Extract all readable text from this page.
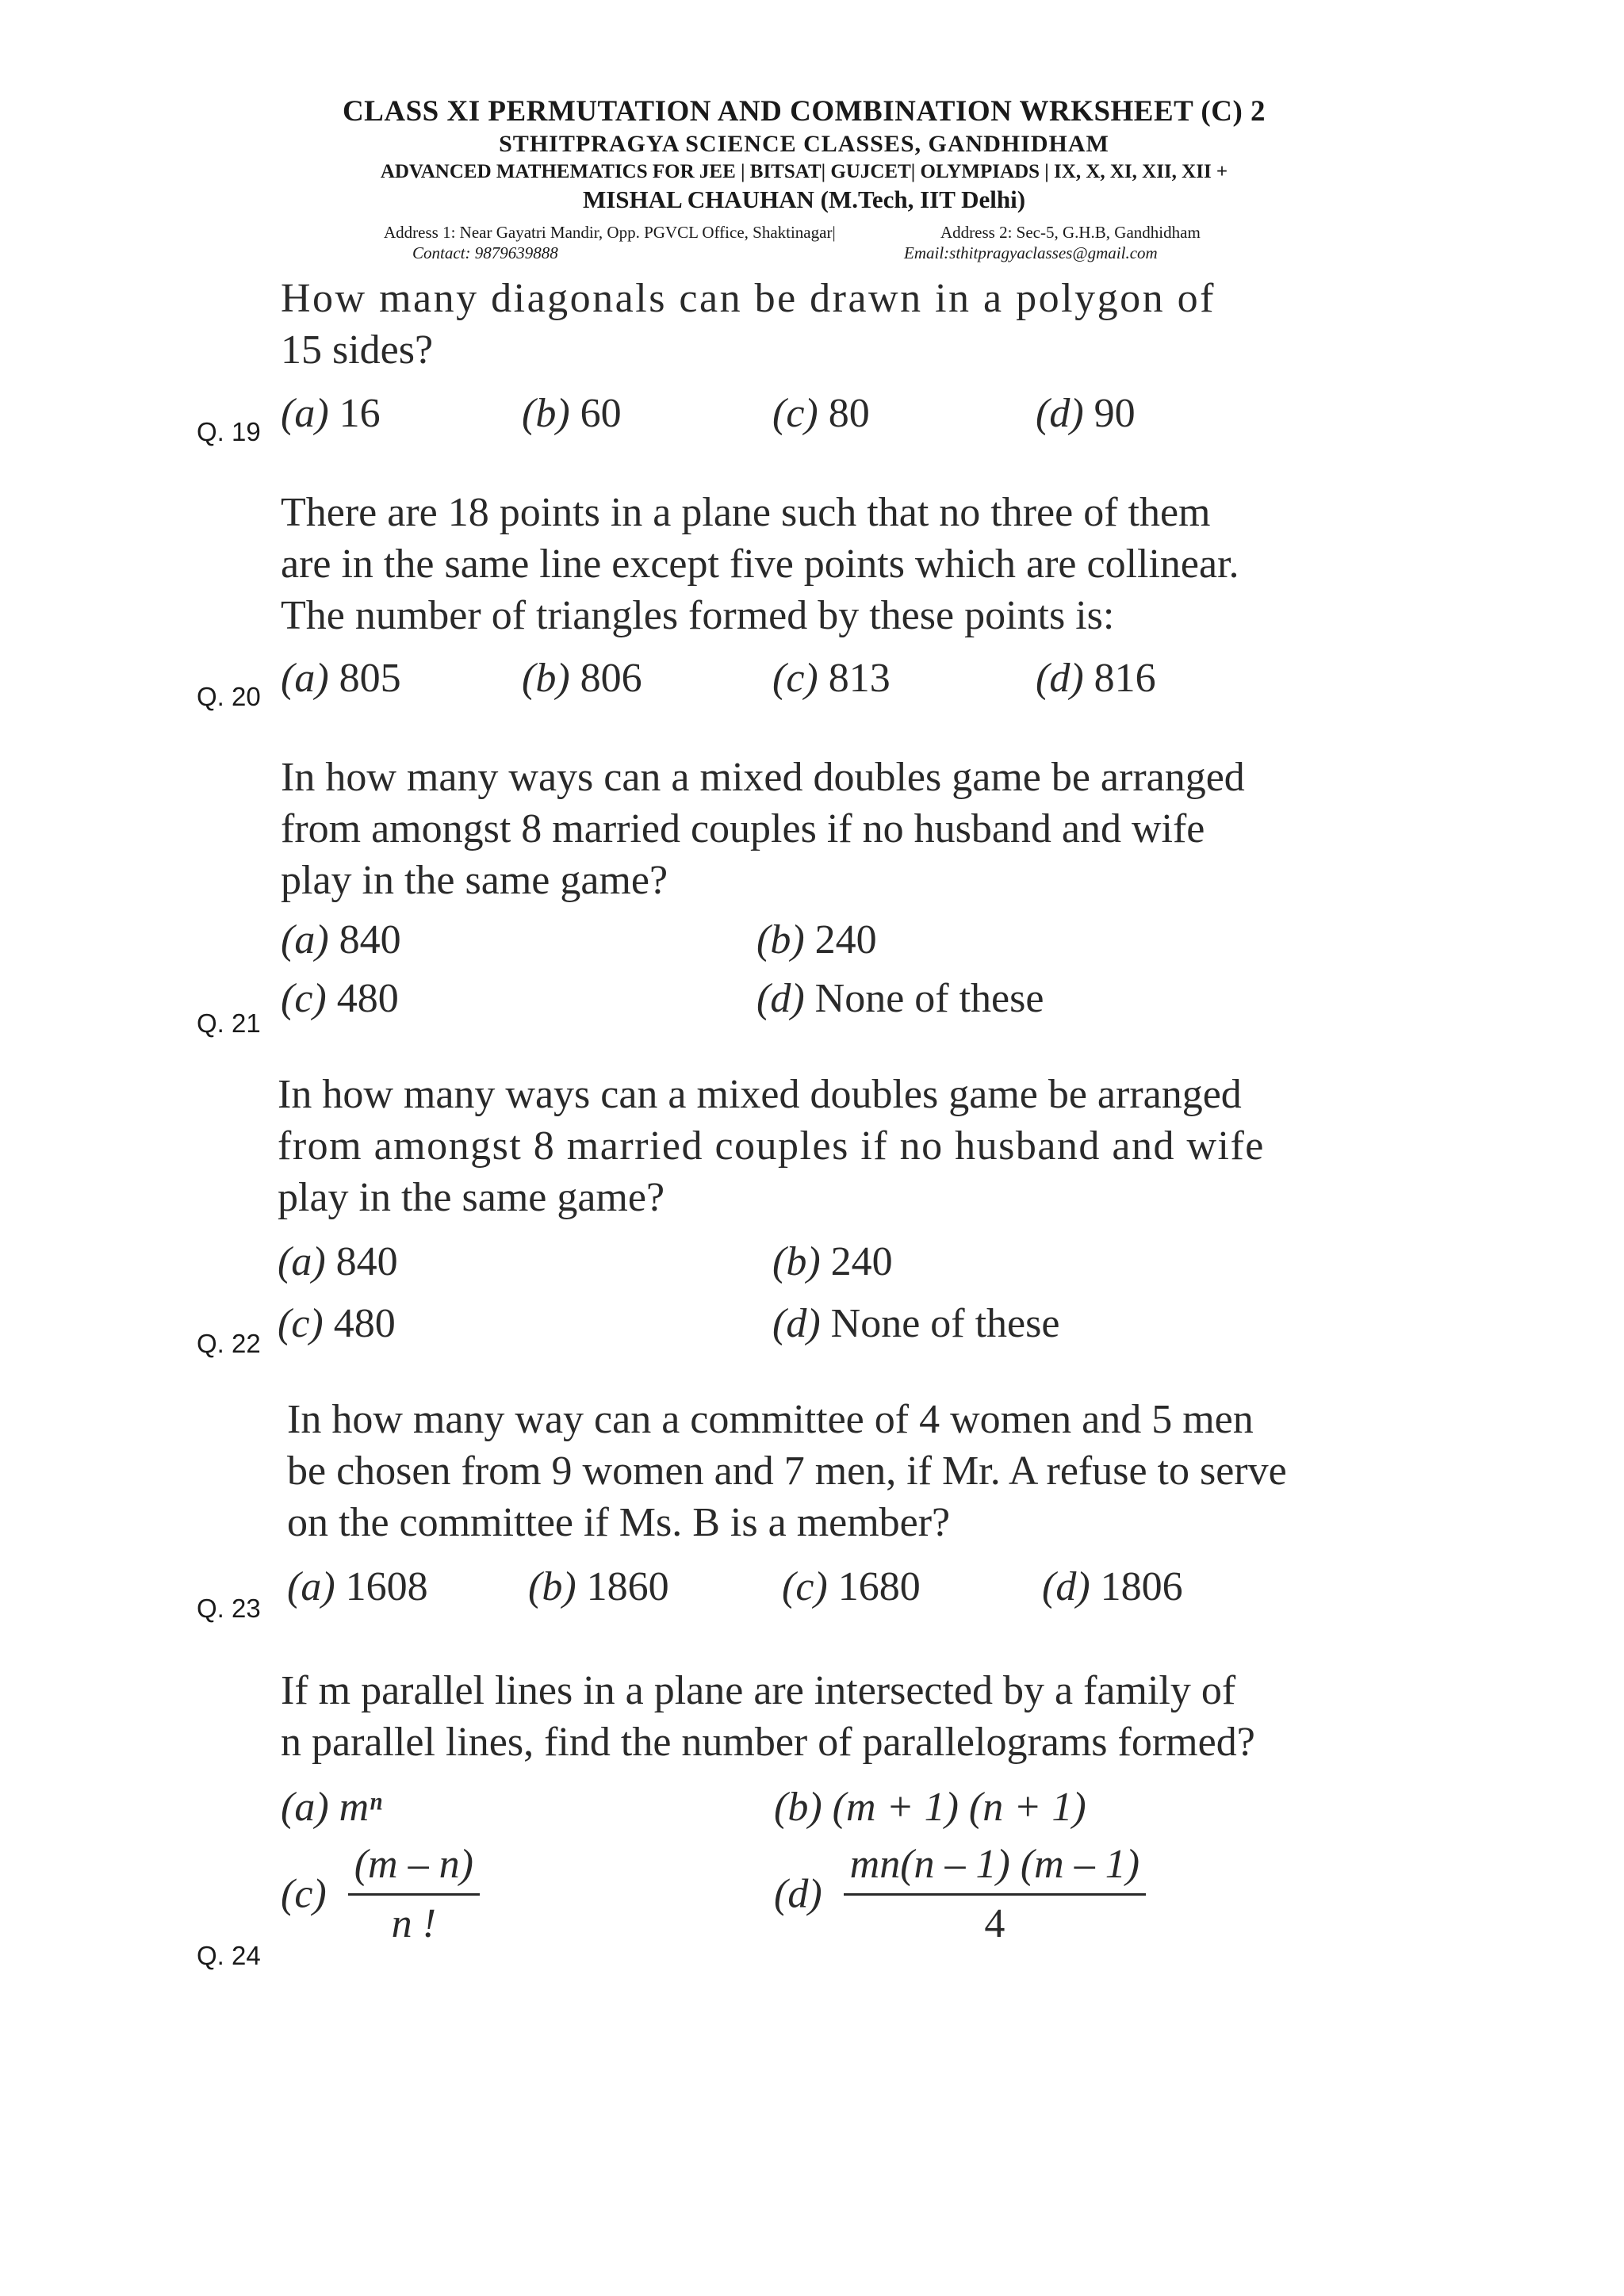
CLASS XI PERMUTATION AND COMBINATION WRKSHEET (C) 2
STHITPRAGYA SCIENCE CLASSES, GANDHIDHAM
ADVANCED MATHEMATICS FOR JEE | BITSAT| GUJCET| OLYMPIADS | IX, X, XI, XII, XII +
MISHAL CHAUHAN (M.Tech, IIT Delhi)
Address 1: Near Gayatri Mandir, Opp. PGVCL Office, Shaktinagar|	Address 2: Sec-5, G.H.B, Gandhidham
Contact: 9879639888	Email:sthitpragyaclasses@gmail.com
How many diagonals can be drawn in a polygon of
15 sides?
(a) 16	(b) 60	(c) 80	(d) 90
Q. 19
There are 18 points in a plane such that no three of them
are in the same line except five points which are collinear.
The number of triangles formed by these points is:
(a) 805	(b) 806	(c) 813	(d) 816
Q. 20
In how many ways can a mixed doubles game be arranged
from amongst 8 married couples if no husband and wife
play in the same game?
(a) 840	(b) 240
(c) 480	(d) None of these
Q. 21
In how many ways can a mixed doubles game be arranged
from amongst 8 married couples if no husband and wife
play in the same game?
(a) 840	(b) 240
(c) 480	(d) None of these
Q. 22
In how many way can a committee of 4 women and 5 men
be chosen from 9 women and 7 men, if Mr. A refuse to serve
on the committee if Ms. B is a member?
(a) 1608 (b) 1860	(c) 1680	(d) 1806
Q. 23
If m parallel lines in a plane are intersected by a family of
n parallel lines, find the number of parallelograms formed?
(a) mⁿ	(b) (m + 1) (n + 1)
$(c) \frac{(m - n)}{n !}$	$(d) \frac{mn(n - 1) (m - 1)}{4}$
Q. 24
